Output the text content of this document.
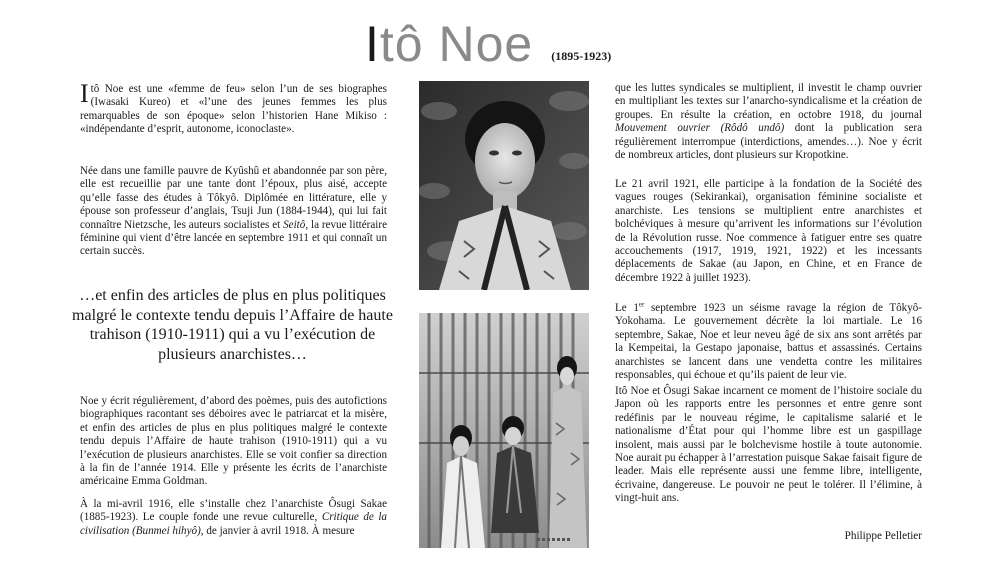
Itô Noe (1895-1923)

Itô Noe est une «femme de feu» selon l’un de ses biographes (Iwasaki Kureo) et «l’une des jeunes femmes les plus remarquables de son époque» selon l’historien Hane Mikiso : «indépendante d’esprit, autonome, iconoclaste».

Née dans une famille pauvre de Kyûshû et abandonnée par son père, elle est recueillie par une tante dont l’époux, plus aisé, accepte qu’elle fasse des études à Tôkyô. Diplômée en littérature, elle y épouse son professeur d’anglais, Tsuji Jun (1884-1944), qui lui fait connaître Nietzsche, les auteurs socialistes et Seitô, la revue littéraire féminine qui vient d’être lancée en septembre 1911 et qui connaît un certain succès.

…et enfin des articles de plus en plus politiques malgré le contexte tendu depuis l’Affaire de haute trahison (1910-1911) qui a vu l’exécution de plusieurs anarchistes…

Noe y écrit régulièrement, d’abord des poèmes, puis des autofictions biographiques racontant ses déboires avec le patriarcat et la misère, et enfin des articles de plus en plus politiques malgré le contexte tendu depuis l’Affaire de haute trahison (1910-1911) qui a vu l’exécution de plusieurs anarchistes. Elle se voit confier sa direction à la fin de l’année 1914. Elle y présente les écrits de l’anarchiste américaine Emma Goldman.

À la mi-avril 1916, elle s’installe chez l’anarchiste Ôsugi Sakae (1885-1923). Le couple fonde une revue culturelle, Critique de la civilisation (Bunmei hihyô), de janvier à avril 1918. À mesure

que les luttes syndicales se multiplient, il investit le champ ouvrier en multipliant les textes sur l’anarcho-syndicalisme et la création de groupes. En résulte la création, en octobre 1918, du journal Mouvement ouvrier (Rôdô undô) dont la publication sera régulièrement interrompue (interdictions, amendes…). Noe y écrit de nombreux articles, dont plusieurs sur Kropotkine.

Le 21 avril 1921, elle participe à la fondation de la Société des vagues rouges (Sekirankai), organisation féminine socialiste et anarchiste. Les tensions se multiplient entre anarchistes et bolchéviques à mesure qu’arrivent les informations sur l’évolution de la Révolution russe. Noe commence à fatiguer entre ses quatre accouchements (1917, 1919, 1921, 1922) et les incessants déplacements de Sakae (au Japon, en Chine, et en France de décembre 1922 à juillet 1923).

Le 1er septembre 1923 un séisme ravage la région de Tôkyô-Yokohama. Le gouvernement décrète la loi martiale. Le 16 septembre, Sakae, Noe et leur neveu âgé de six ans sont arrêtés par la Kempeitai, la Gestapo japonaise, battus et assassinés. Certains anarchistes se lancent dans une vendetta contre les militaires responsables, qui échoue et qu’ils paient de leur vie.

Itô Noe et Ôsugi Sakae incarnent ce moment de l’histoire sociale du Japon où les rapports entre les personnes et entre genre sont redéfinis par le nouveau régime, le capitalisme salarié et le nationalisme d’État pour qui l’homme libre est un gaspillage insolent, mais aussi par le bolchevisme hostile à toute autonomie. Noe aurait pu échapper à l’arrestation puisque Sakae faisait figure de leader. Mais elle représente aussi une femme libre, intelligente, écrivaine, dangereuse. Le pouvoir ne peut le tolérer. Il l’élimine, à vingt-huit ans.

Philippe Pelletier
